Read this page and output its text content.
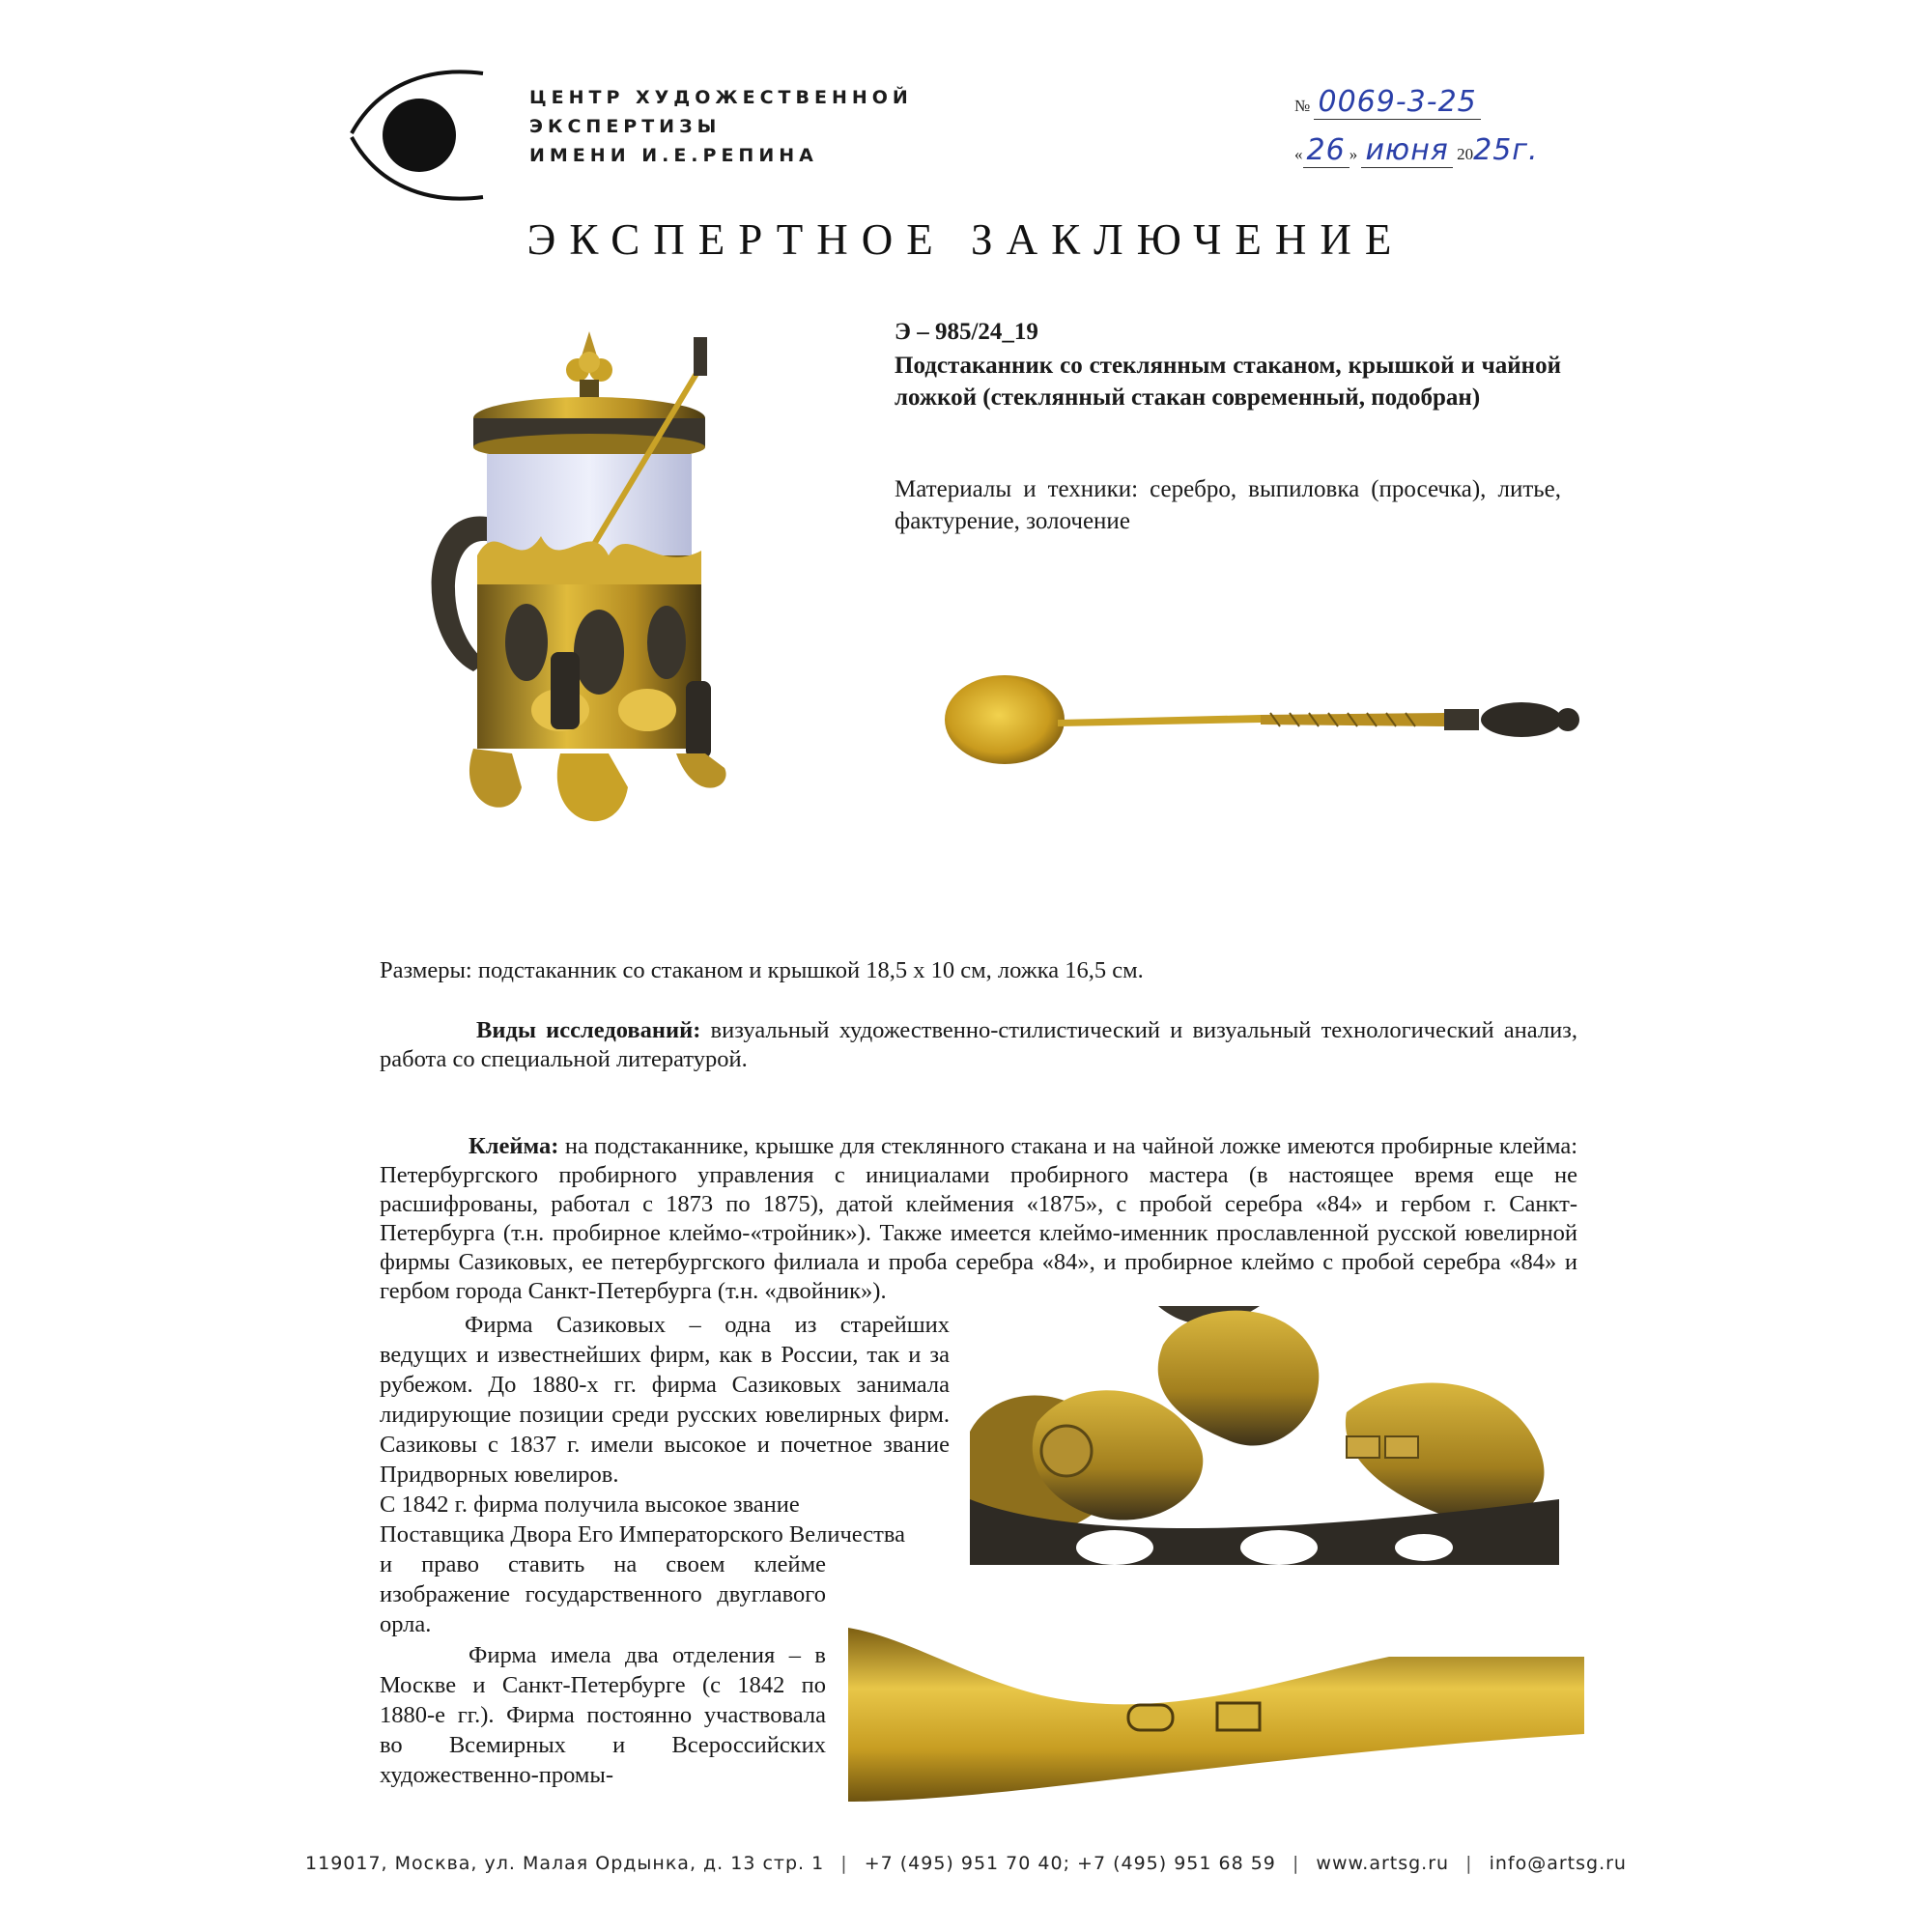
ЦЕНТР ХУДОЖЕСТВЕННОЙ
ЭКСПЕРТИЗЫ
ИМЕНИ И.Е.РЕПИНА
№ 0069-3-25
« 26 » июня 2025г.
ЭКСПЕРТНОЕ ЗАКЛЮЧЕНИЕ
Э – 985/24_19
Подстаканник со стеклянным стаканом, крышкой и чайной ложкой (стеклянный стакан современный, подобран)
Материалы и техники: серебро, выпиловка (просечка), литье, фактурение, золочение
Размеры: подстаканник со стаканом и крышкой 18,5 х 10 см, ложка 16,5 см.
Виды исследований: визуальный художественно-стилистический и визуальный технологический анализ, работа со специальной литературой.
Клейма: на подстаканнике, крышке для стеклянного стакана и на чайной ложке имеются пробирные клейма: Петербургского пробирного управления с инициалами пробирного мастера (в настоящее время еще не расшифрованы, работал с 1873 по 1875), датой клеймения «1875», с пробой серебра «84» и гербом г. Санкт-Петербурга (т.н. пробирное клеймо-«тройник»). Также имеется клеймо-именник прославленной русской ювелирной фирмы Сазиковых, ее петербургского филиала и проба серебра «84», и пробирное клеймо с пробой серебра «84» и гербом города Санкт-Петербурга (т.н. «двойник»).
Фирма Сазиковых – одна из старейших ведущих и известнейших фирм, как в России, так и за рубежом. До 1880-х гг. фирма Сазиковых занимала лидирующие позиции среди русских ювелирных фирм. Сазиковы с 1837 г. имели высокое и почетное звание Придворных ювелиров.
С 1842 г. фирма получила высокое звание
Поставщика Двора Его Императорского Величества
и право ставить на своем клейме изображение государственного двуглавого орла.
Фирма имела два отделения – в Москве и Санкт-Петербурге (с 1842 по 1880-е гг.). Фирма постоянно участвовала во Всемирных и Всероссийских художественно-промы-
119017, Москва, ул. Малая Ордынка, д. 13 стр. 1 | +7 (495) 951 70 40; +7 (495) 951 68 59 | www.artsg.ru | info@artsg.ru
